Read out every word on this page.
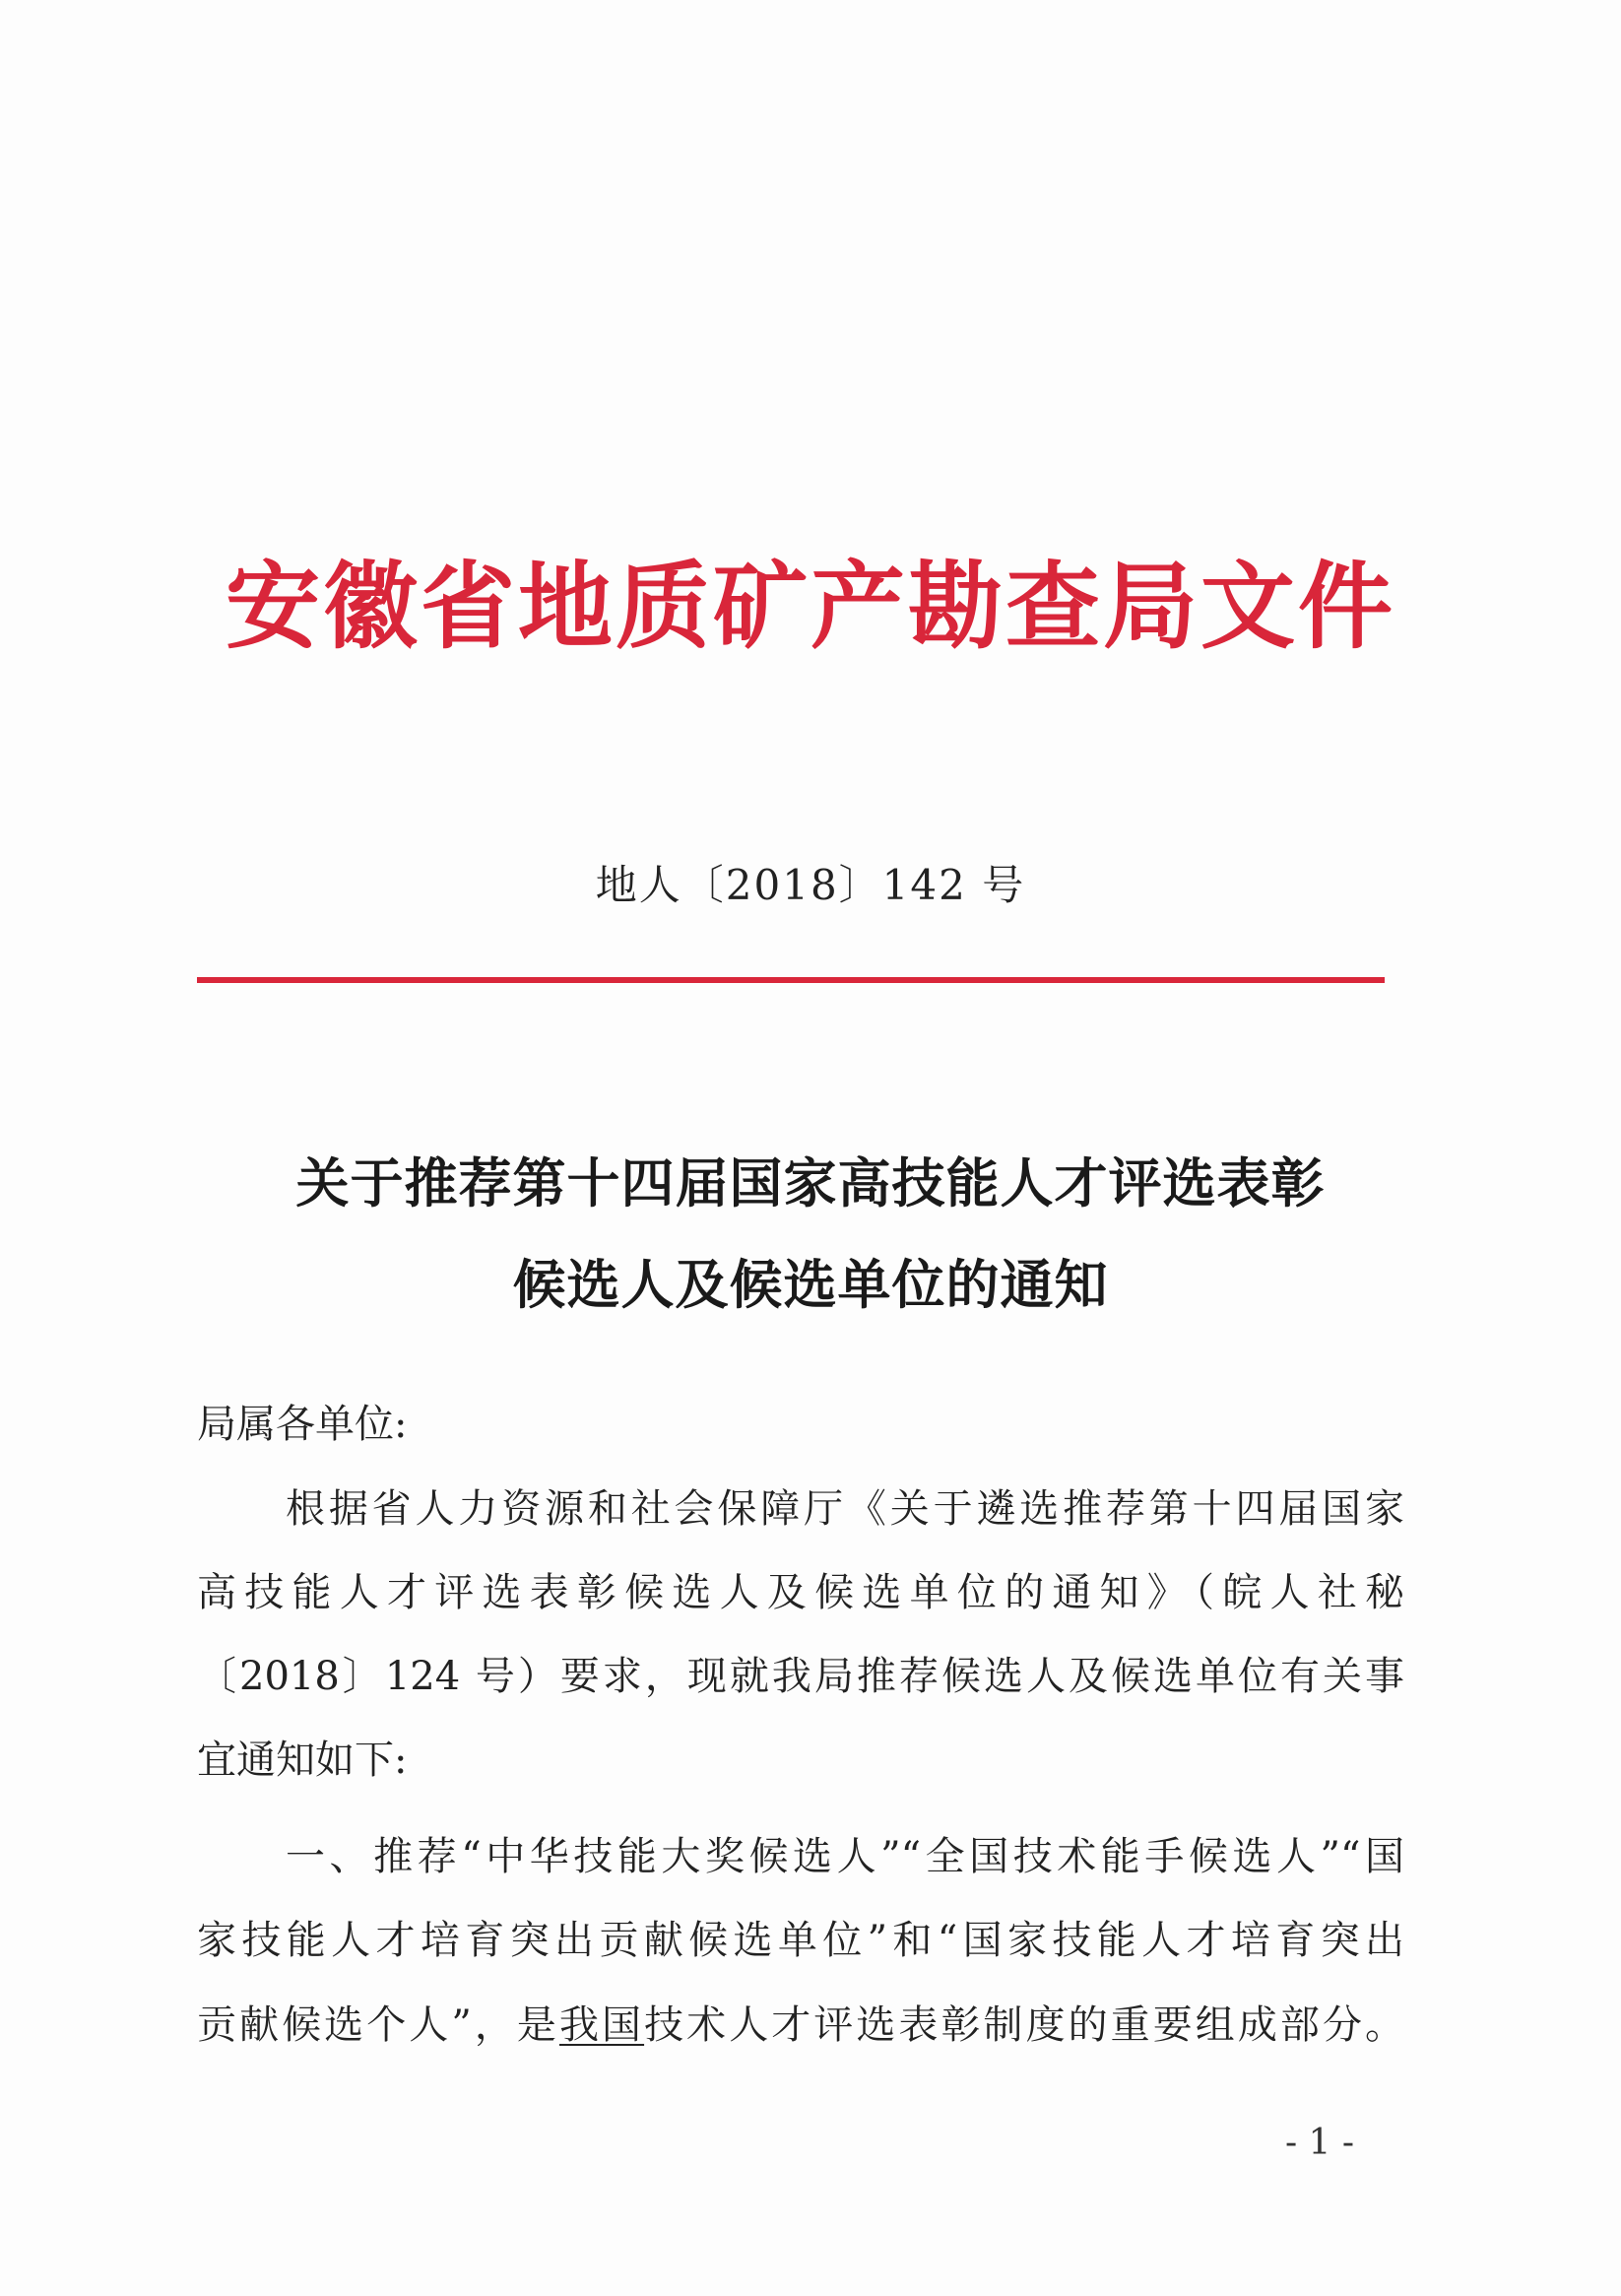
安徽省地质矿产勘查局文件
地人〔2018〕142 号
关于推荐第十四届国家高技能人才评选表彰
候选人及候选单位的通知
局属各单位:
根据省人力资源和社会保障厅《关于遴选推荐第十四届国家
高技能人才评选表彰候选人及候选单位的通知》（皖人社秘
〔2018〕124 号）要求，现就我局推荐候选人及候选单位有关事
宜通知如下:
一、推荐“中华技能大奖候选人”“全国技术能手候选人”“国
家技能人才培育突出贡献候选单位”和“国家技能人才培育突出
贡献候选个人”，是我国技术人才评选表彰制度的重要组成部分。
- 1 -
